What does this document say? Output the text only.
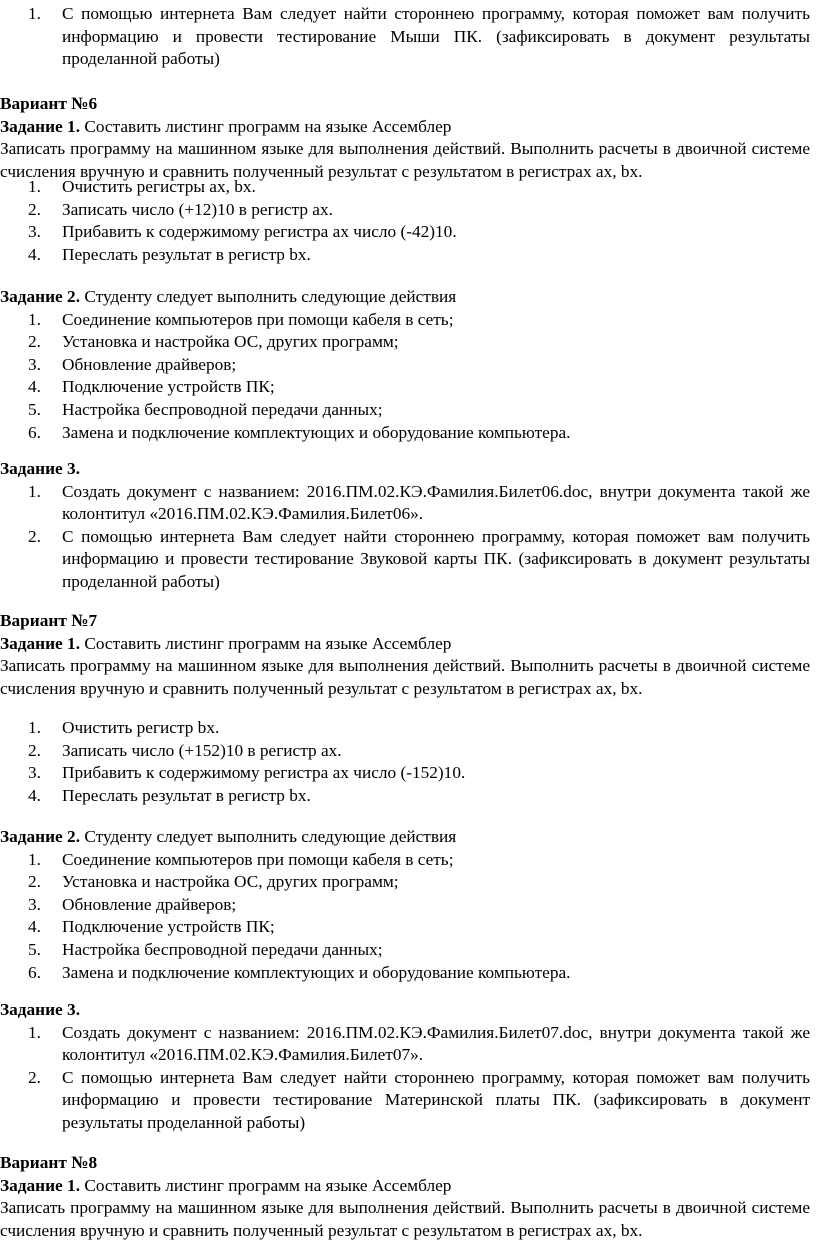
1. С помощью интернета Вам следует найти стороннею программу, которая поможет вам получить информацию и провести тестирование Мыши ПК. (зафиксировать в документ результаты проделанной работы)

Вариант №6

Задание 1. Составить листинг программ на языке Ассемблер

Записать программу на машинном языке для выполнения действий. Выполнить расчеты в двоичной системе счисления вручную и сравнить полученный результат с результатом в регистрах ах, bх.

1. Очистить регистры ах, bх.
2. Записать число (+12)10 в регистр ах.
3. Прибавить к содержимому регистра ах число (-42)10.
4. Переслать результат в регистр bх.

Задание 2. Студенту следует выполнить следующие действия

1. Соединение компьютеров при помощи кабеля в сеть;
2. Установка и настройка ОС, других программ;
3. Обновление драйверов;
4. Подключение устройств ПК;
5. Настройка беспроводной передачи данных;
6. Замена и подключение комплектующих и оборудование компьютера.

Задание 3.

1. Создать документ с названием: 2016.ПМ.02.КЭ.Фамилия.Билет06.doc, внутри документа такой же колонтитул «2016.ПМ.02.КЭ.Фамилия.Билет06».
2. С помощью интернета Вам следует найти стороннею программу, которая поможет вам получить информацию и провести тестирование Звуковой карты ПК. (зафиксировать в документ результаты проделанной работы)

Вариант №7

Задание 1. Составить листинг программ на языке Ассемблер

Записать программу на машинном языке для выполнения действий. Выполнить расчеты в двоичной системе счисления вручную и сравнить полученный результат с результатом в регистрах ах, bх.

1. Очистить регистр bх.
2. Записать число (+152)10 в регистр ах.
3. Прибавить к содержимому регистра ах число (-152)10.
4. Переслать результат в регистр bх.

Задание 2. Студенту следует выполнить следующие действия

1. Соединение компьютеров при помощи кабеля в сеть;
2. Установка и настройка ОС, других программ;
3. Обновление драйверов;
4. Подключение устройств ПК;
5. Настройка беспроводной передачи данных;
6. Замена и подключение комплектующих и оборудование компьютера.

Задание 3.

1. Создать документ с названием: 2016.ПМ.02.КЭ.Фамилия.Билет07.doc, внутри документа такой же колонтитул «2016.ПМ.02.КЭ.Фамилия.Билет07».
2. С помощью интернета Вам следует найти стороннею программу, которая поможет вам получить информацию и провести тестирование Материнской платы ПК. (зафиксировать в документ результаты проделанной работы)

Вариант №8

Задание 1. Составить листинг программ на языке Ассемблер

Записать программу на машинном языке для выполнения действий. Выполнить расчеты в двоичной системе счисления вручную и сравнить полученный результат с результатом в регистрах ах, bх.
